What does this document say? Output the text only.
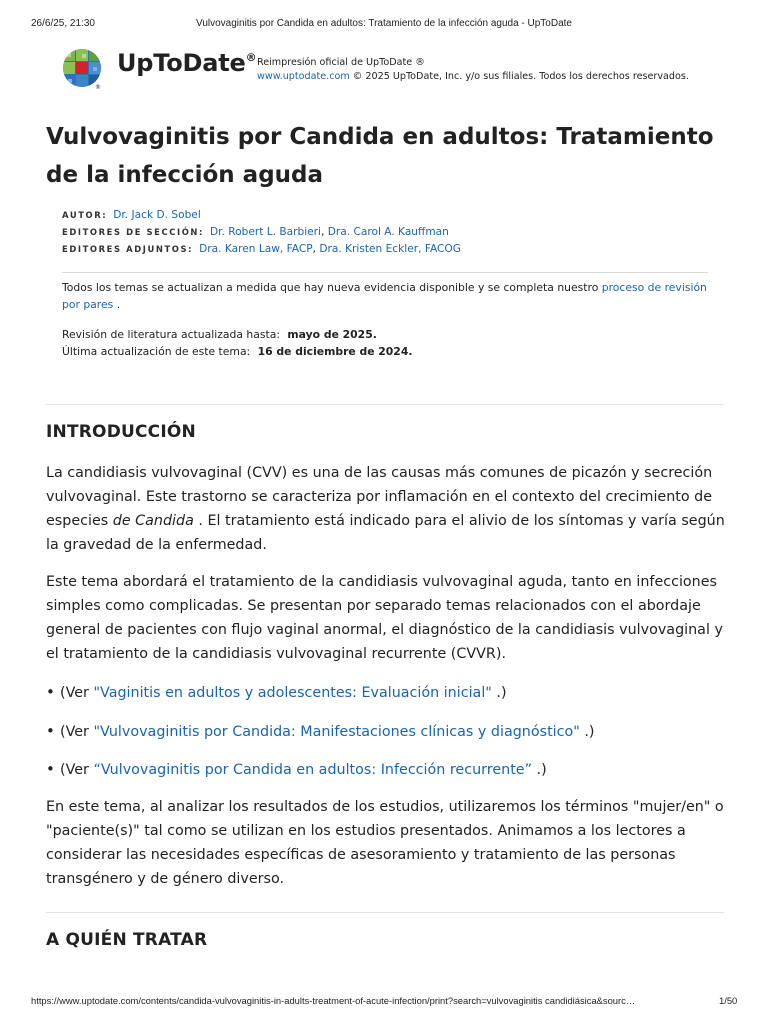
26/6/25, 21:30	Vulvovaginitis por Candida en adultos: Tratamiento de la infección aguda - UpToDate
®
UpToDate® Reimpresión oficial de UpToDate ®
www.uptodate.com © 2025 UpToDate, Inc. y/o sus filiales. Todos los derechos reservados.
Vulvovaginitis por Candida en adultos: Tratamiento de la infección aguda
AUTOR: Dr. Jack D. Sobel
EDITORES DE SECCIÓN: Dr. Robert L. Barbieri, Dra. Carol A. Kauffman
EDITORES ADJUNTOS: Dra. Karen Law, FACP, Dra. Kristen Eckler, FACOG
Todos los temas se actualizan a medida que hay nueva evidencia disponible y se completa nuestro proceso de revisión por pares .
Revisión de literatura actualizada hasta: mayo de 2025.
Última actualización de este tema: 16 de diciembre de 2024.
INTRODUCCIÓN

La candidiasis vulvovaginal (CVV) es una de las causas más comunes de picazón y secreción vulvovaginal. Este trastorno se caracteriza por inflamación en el contexto del crecimiento de especies de Candida . El tratamiento está indicado para el alivio de los síntomas y varía según la gravedad de la enfermedad.

Este tema abordará el tratamiento de la candidiasis vulvovaginal aguda, tanto en infecciones simples como complicadas. Se presentan por separado temas relacionados con el abordaje general de pacientes con flujo vaginal anormal, el diagnóstico de la candidiasis vulvovaginal y el tratamiento de la candidiasis vulvovaginal recurrente (CVVR).

• (Ver "Vaginitis en adultos y adolescentes: Evaluación inicial" .)
• (Ver "Vulvovaginitis por Candida: Manifestaciones clínicas y diagnóstico" .)
• (Ver “Vulvovaginitis por Candida en adultos: Infección recurrente” .)

En este tema, al analizar los resultados de los estudios, utilizaremos los términos "mujer/en" o "paciente(s)" tal como se utilizan en los estudios presentados. Animamos a los lectores a considerar las necesidades específicas de asesoramiento y tratamiento de las personas transgénero y de género diverso.

A QUIÉN TRATAR
https://www.uptodate.com/contents/candida-vulvovaginitis-in-adults-treatment-of-acute-infection/print?search=vulvovaginitis candidiásica&sourc…	1/50
